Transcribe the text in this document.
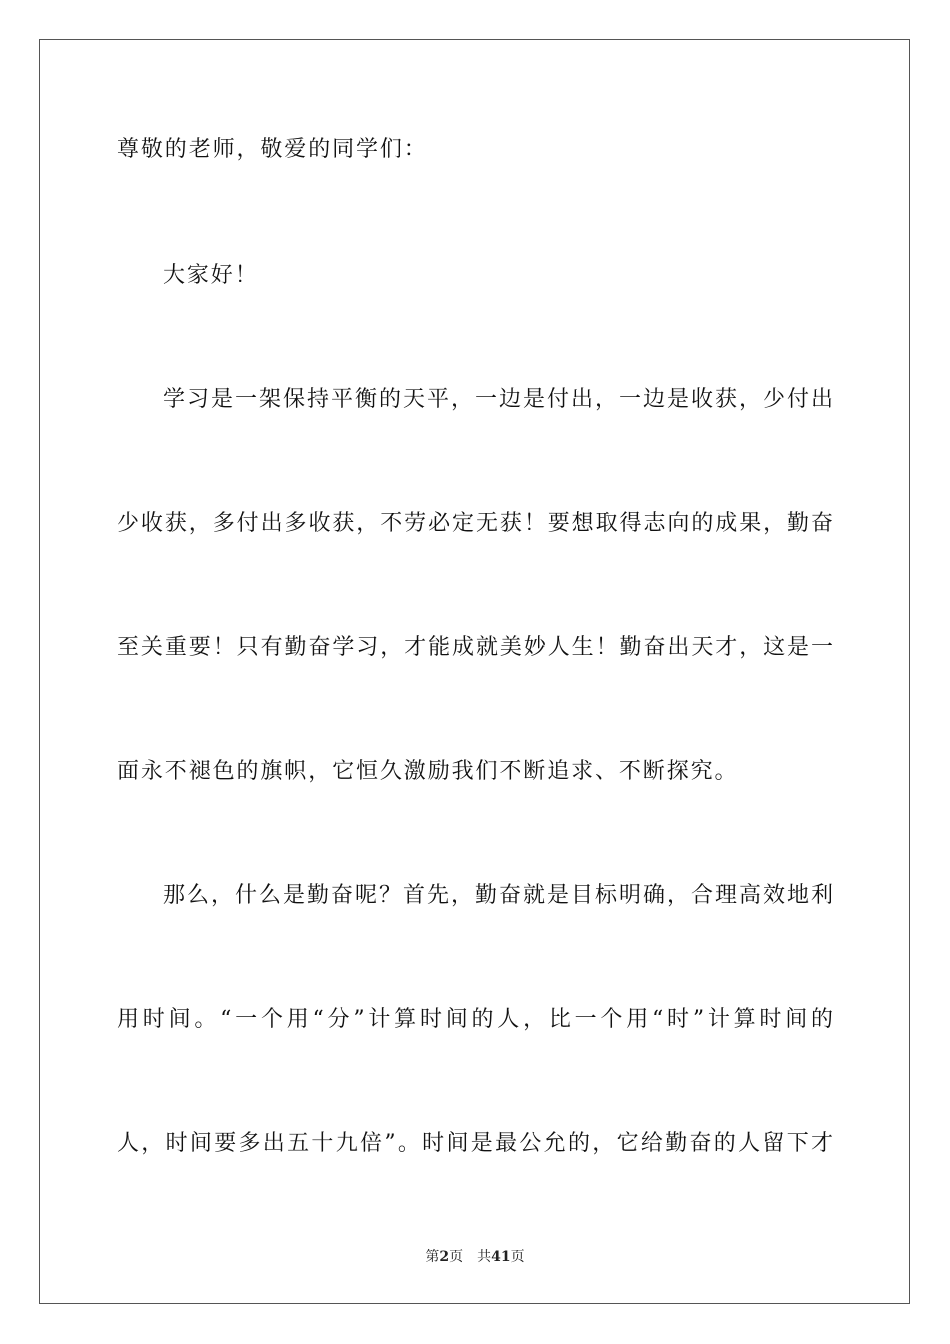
尊敬的老师，敬爱的同学们：
大家好！
学习是一架保持平衡的天平，一边是付出，一边是收获，少付出
少收获，多付出多收获，不劳必定无获！要想取得志向的成果，勤奋
至关重要！只有勤奋学习，才能成就美妙人生！勤奋出天才，这是一
面永不褪色的旗帜，它恒久激励我们不断追求、不断探究。
那么，什么是勤奋呢？首先，勤奋就是目标明确，合理高效地利
用时间。“一个用“分”计算时间的人，比一个用“时”计算时间的
人，时间要多出五十九倍”。时间是最公允的，它给勤奋的人留下才
第2页 共41页
